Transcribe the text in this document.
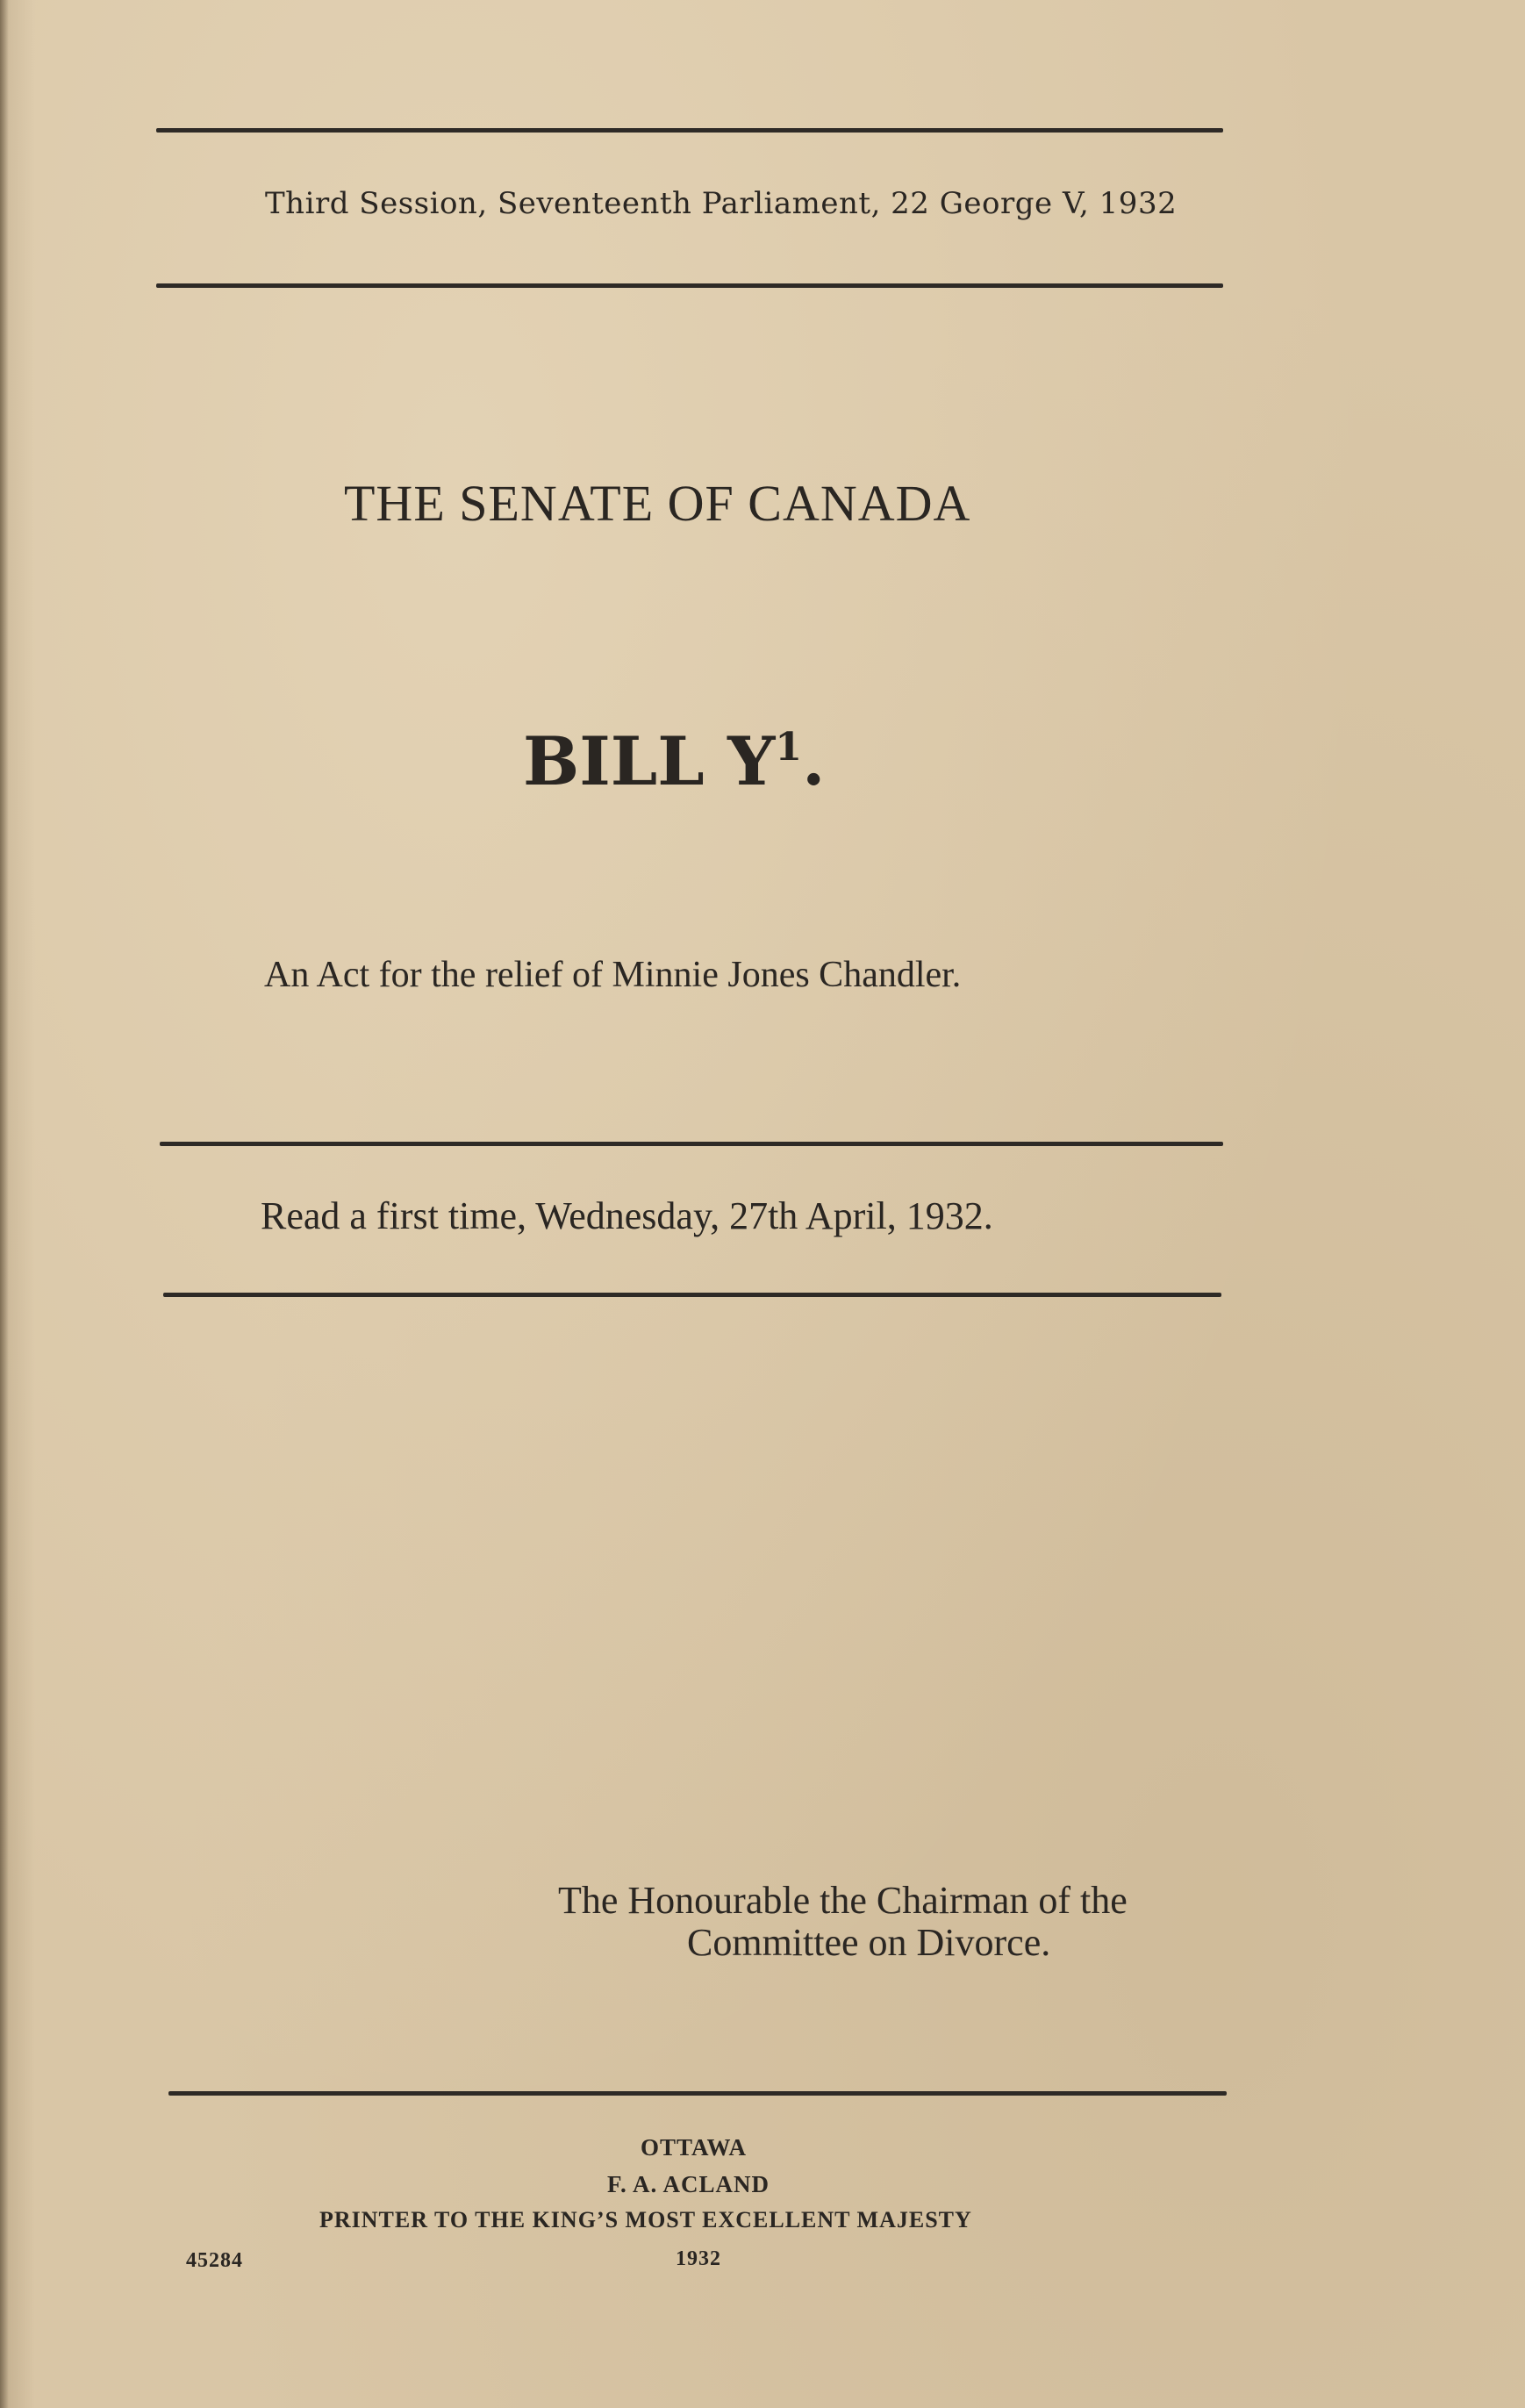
Third Session, Seventeenth Parliament, 22 George V, 1932
THE SENATE OF CANADA
BILL $Y^1$.
An Act for the relief of Minnie Jones Chandler.
Read a first time, Wednesday, 27th April, 1932.
The Honourable the Chairman of the
Committee on Divorce.
OTTAWA
F. A. ACLAND
PRINTER TO THE KING’S MOST EXCELLENT MAJESTY
1932
45284
